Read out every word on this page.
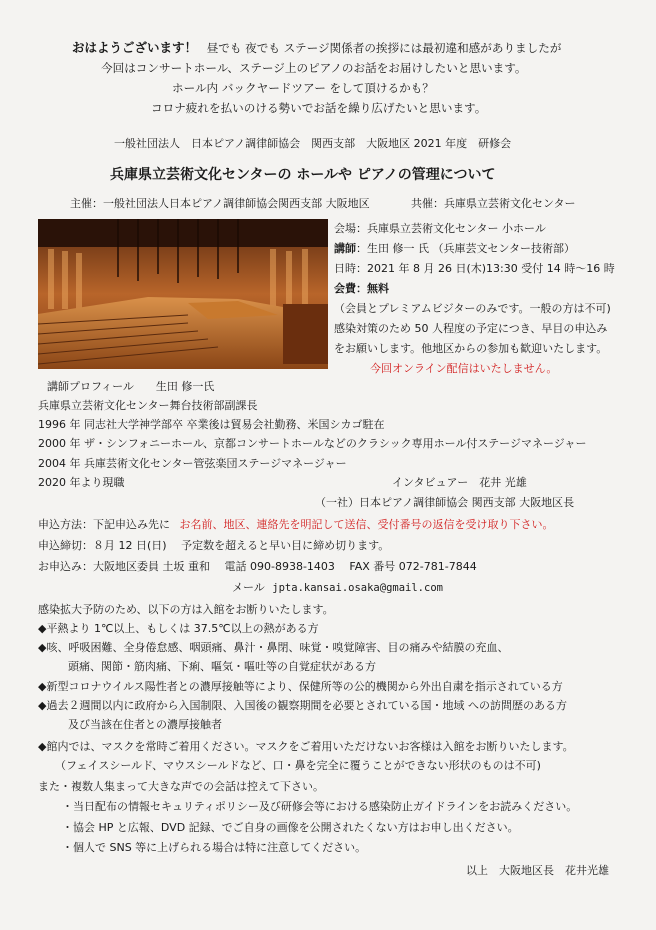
おはようございます！ 昼でも 夜でも ステージ関係者の挨拶には最初違和感がありましたが
今回はコンサートホール、ステージ上のピアノのお話をお届けしたいと思います。
ホール内 バックヤードツアー をして頂けるかも？
コロナ疲れを払いのける勢いでお話を繰り広げたいと思います。
一般社団法人　日本ピアノ調律師協会　関西支部　大阪地区 2021 年度　研修会
兵庫県立芸術文化センターの ホールや ピアノの管理について
主催：一般社団法人日本ピアノ調律師協会関西支部 大阪地区	共催：兵庫県立芸術文化センター
会場：兵庫県立芸術文化センター 小ホール
講師：生田 修一 氏 （兵庫芸文センター技術部）
日時：2021 年 8 月 26 日(木)13:30 受付 14 時～16 時
会費：無料
（会員とプレミアムビジターのみです。一般の方は不可)
感染対策のため 50 人程度の予定につき、早目の申込み
をお願いします。他地区からの参加も歓迎いたします。
今回オンライン配信はいたしません。
講師プロフィール　　生田 修一氏
兵庫県立芸術文化センター舞台技術部副課長
1996 年 同志社大学神学部卒 卒業後は貿易会社勤務、米国シカゴ駐在
2000 年 ザ・シンフォニーホール、京都コンサートホールなどのクラシック専用ホール付ステージマネージャー
2004 年 兵庫芸術文化センター管弦楽団ステージマネージャー
2020 年より現職	インタビュアー　花井 光雄
（一社）日本ピアノ調律師協会 関西支部 大阪地区長
申込方法：下記申込み先に お名前、地区、連絡先を明記して送信、受付番号の返信を受け取り下さい。
申込締切：８月 12 日(日)　 予定数を超えると早い目に締め切ります。
お申込み：大阪地区委員 土坂 重和　 電話 090-8938-1403　 FAX 番号 072-781-7844
メール jpta.kansai.osaka@gmail.com
感染拡大予防のため、以下の方は入館をお断りいたします。
◆平熱より 1℃以上、もしくは 37.5℃以上の熱がある方
◆咳、呼吸困難、全身倦怠感、咽頭痛、鼻汁・鼻閉、味覚・嗅覚障害、目の痛みや結膜の充血、
頭痛、関節・筋肉痛、下痢、嘔気・嘔吐等の自覚症状がある方
◆新型コロナウイルス陽性者との濃厚接触等により、保健所等の公的機関から外出自粛を指示されている方
◆過去２週間以内に政府から入国制限、入国後の観察期間を必要とされている国・地域 への訪問歴のある方
及び当該在住者との濃厚接触者
◆館内では、マスクを常時ご着用ください。マスクをご着用いただけないお客様は入館をお断りいたします。
（フェイスシールド、マウスシールドなど、口・鼻を完全に覆うことができない形状のものは不可)
また・複数人集まって大きな声での会話は控えて下さい。
・当日配布の情報セキュリティポリシー及び研修会等における感染防止ガイドラインをお読みください。
・協会 HP と広報、DVD 記録、でご自身の画像を公開されたくない方はお申し出ください。
・個人で SNS 等に上げられる場合は特に注意してください。
以上　大阪地区長　花井光雄
